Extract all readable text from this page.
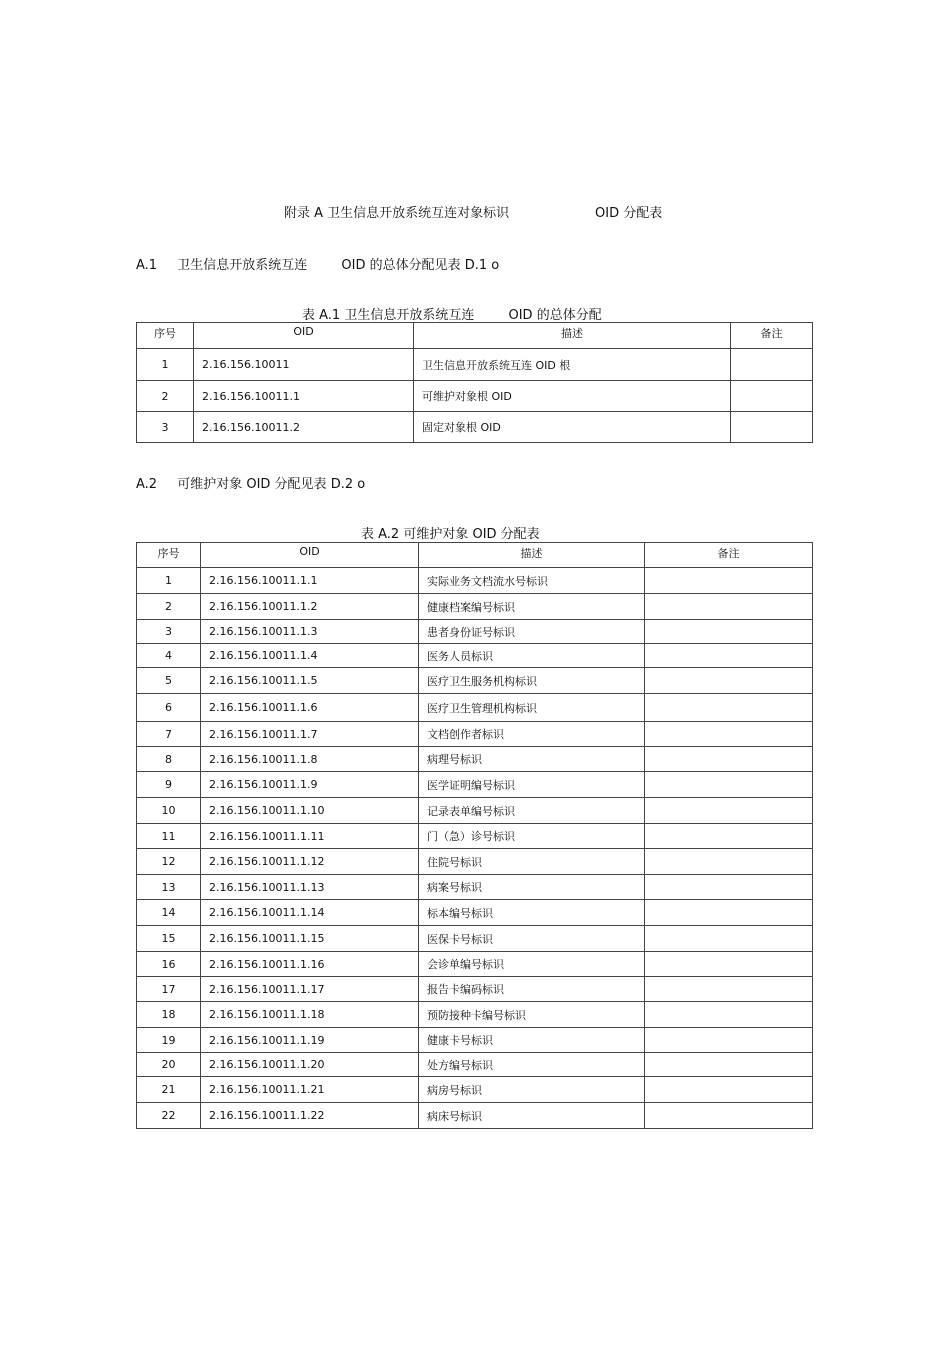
附录 A 卫生信息开放系统互连对象标识	OID 分配表
A.1 卫生信息开放系统互连	OID 的总体分配见表 D.1 o
表 A.1 卫生信息开放系统互连	OID 的总体分配
序号	OID	描述	备注
1	2.16.156.10011	卫生信息开放系统互连 OID 根	
2	2.16.156.10011.1	可维护对象根 OID	
3	2.16.156.10011.2	固定对象根 OID	
A.2 可维护对象 OID 分配见表 D.2 o
表 A.2 可维护对象 OID 分配表
序号	OID	描述	备注
1	2.16.156.10011.1.1	实际业务文档流水号标识	
2	2.16.156.10011.1.2	健康档案编号标识	
3	2.16.156.10011.1.3	患者身份证号标识	
4	2.16.156.10011.1.4	医务人员标识	
5	2.16.156.10011.1.5	医疗卫生服务机构标识	
6	2.16.156.10011.1.6	医疗卫生管理机构标识	
7	2.16.156.10011.1.7	文档创作者标识	
8	2.16.156.10011.1.8	病理号标识	
9	2.16.156.10011.1.9	医学证明编号标识	
10	2.16.156.10011.1.10	记录表单编号标识	
11	2.16.156.10011.1.11	门（急）诊号标识	
12	2.16.156.10011.1.12	住院号标识	
13	2.16.156.10011.1.13	病案号标识	
14	2.16.156.10011.1.14	标本编号标识	
15	2.16.156.10011.1.15	医保卡号标识	
16	2.16.156.10011.1.16	会诊单编号标识	
17	2.16.156.10011.1.17	报告卡编码标识	
18	2.16.156.10011.1.18	预防接种卡编号标识	
19	2.16.156.10011.1.19	健康卡号标识	
20	2.16.156.10011.1.20	处方编号标识	
21	2.16.156.10011.1.21	病房号标识	
22	2.16.156.10011.1.22	病床号标识	
